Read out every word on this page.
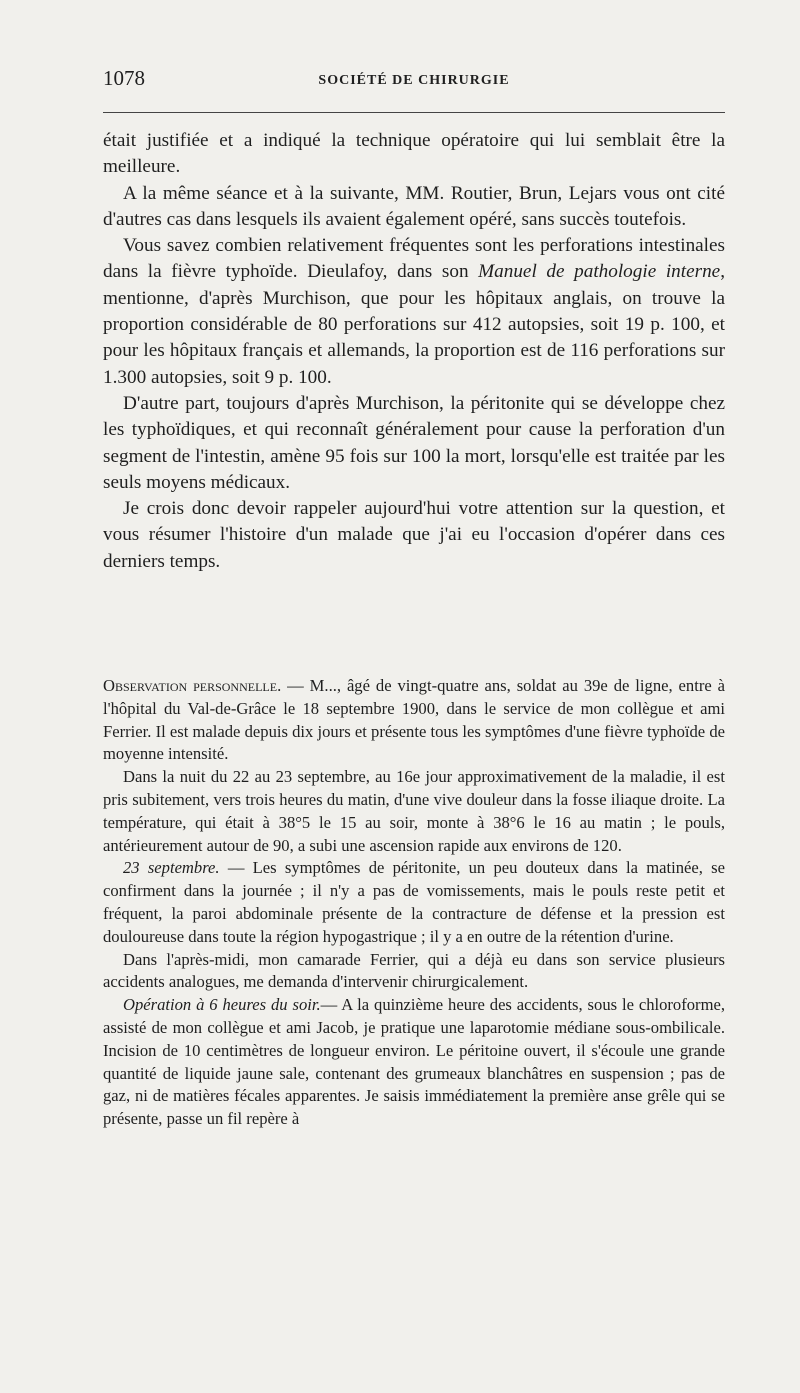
1078	SOCIÉTÉ DE CHIRURGIE

était justifiée et a indiqué la technique opératoire qui lui semblait être la meilleure.

A la même séance et à la suivante, MM. Routier, Brun, Lejars vous ont cité d'autres cas dans lesquels ils avaient également opéré, sans succès toutefois.

Vous savez combien relativement fréquentes sont les perforations intestinales dans la fièvre typhoïde. Dieulafoy, dans son Manuel de pathologie interne, mentionne, d'après Murchison, que pour les hôpitaux anglais, on trouve la proportion considérable de 80 perforations sur 412 autopsies, soit 19 p. 100, et pour les hôpitaux français et allemands, la proportion est de 116 perforations sur 1.300 autopsies, soit 9 p. 100.

D'autre part, toujours d'après Murchison, la péritonite qui se développe chez les typhoïdiques, et qui reconnaît généralement pour cause la perforation d'un segment de l'intestin, amène 95 fois sur 100 la mort, lorsqu'elle est traitée par les seuls moyens médicaux.

Je crois donc devoir rappeler aujourd'hui votre attention sur la question, et vous résumer l'histoire d'un malade que j'ai eu l'occasion d'opérer dans ces derniers temps.

Observation personnelle. — M..., âgé de vingt-quatre ans, soldat au 39e de ligne, entre à l'hôpital du Val-de-Grâce le 18 septembre 1900, dans le service de mon collègue et ami Ferrier. Il est malade depuis dix jours et présente tous les symptômes d'une fièvre typhoïde de moyenne intensité.

Dans la nuit du 22 au 23 septembre, au 16e jour approximativement de la maladie, il est pris subitement, vers trois heures du matin, d'une vive douleur dans la fosse iliaque droite. La température, qui était à 38°5 le 15 au soir, monte à 38°6 le 16 au matin ; le pouls, antérieurement autour de 90, a subi une ascension rapide aux environs de 120.

23 septembre. — Les symptômes de péritonite, un peu douteux dans la matinée, se confirment dans la journée ; il n'y a pas de vomissements, mais le pouls reste petit et fréquent, la paroi abdominale présente de la contracture de défense et la pression est douloureuse dans toute la région hypogastrique ; il y a en outre de la rétention d'urine.

Dans l'après-midi, mon camarade Ferrier, qui a déjà eu dans son service plusieurs accidents analogues, me demanda d'intervenir chirurgicalement.

Opération à 6 heures du soir.— A la quinzième heure des accidents, sous le chloroforme, assisté de mon collègue et ami Jacob, je pratique une laparotomie médiane sous-ombilicale. Incision de 10 centimètres de longueur environ. Le péritoine ouvert, il s'écoule une grande quantité de liquide jaune sale, contenant des grumeaux blanchâtres en suspension ; pas de gaz, ni de matières fécales apparentes. Je saisis immédiatement la première anse grêle qui se présente, passe un fil repère à
